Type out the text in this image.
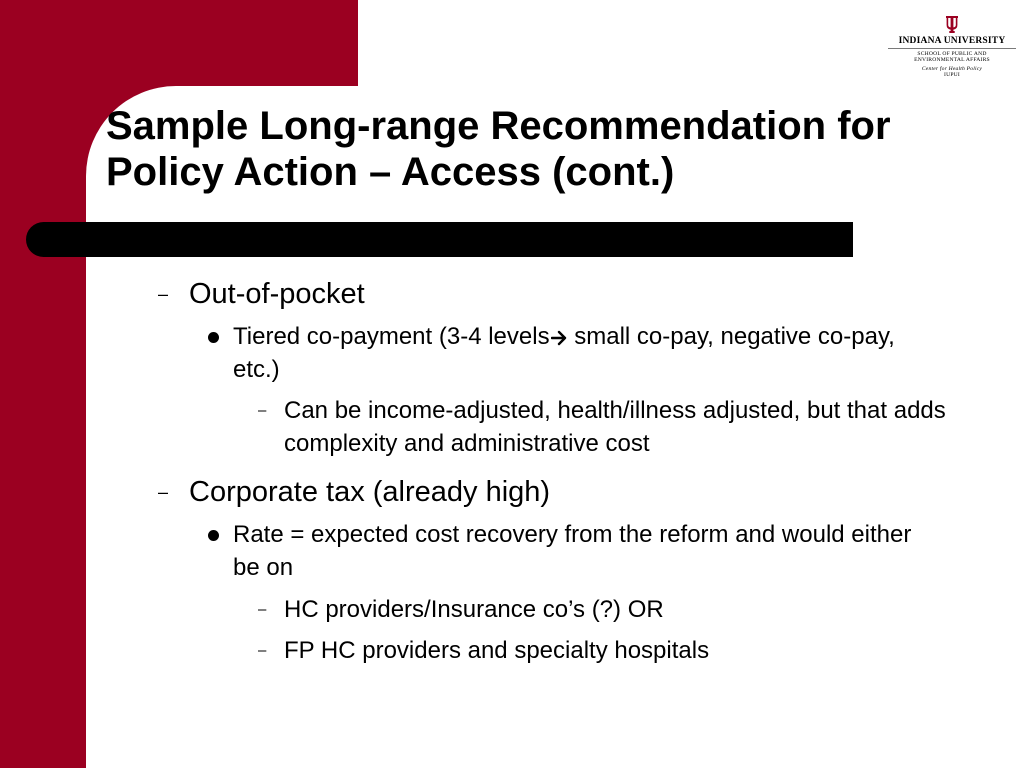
INDIANA UNIVERSITY
SCHOOL OF PUBLIC AND
ENVIRONMENTAL AFFAIRS
Center for Health Policy
IUPUI
Sample Long-range Recommendation for Policy Action – Access (cont.)
– Out-of-pocket
Tiered co-payment (3-4 levels small co-pay, negative co-pay, etc.)
– Can be income-adjusted, health/illness adjusted, but that adds complexity and administrative cost
– Corporate tax (already high)
Rate = expected cost recovery from the reform and would either be on
– HC providers/Insurance co’s (?) OR
– FP HC providers and specialty hospitals
